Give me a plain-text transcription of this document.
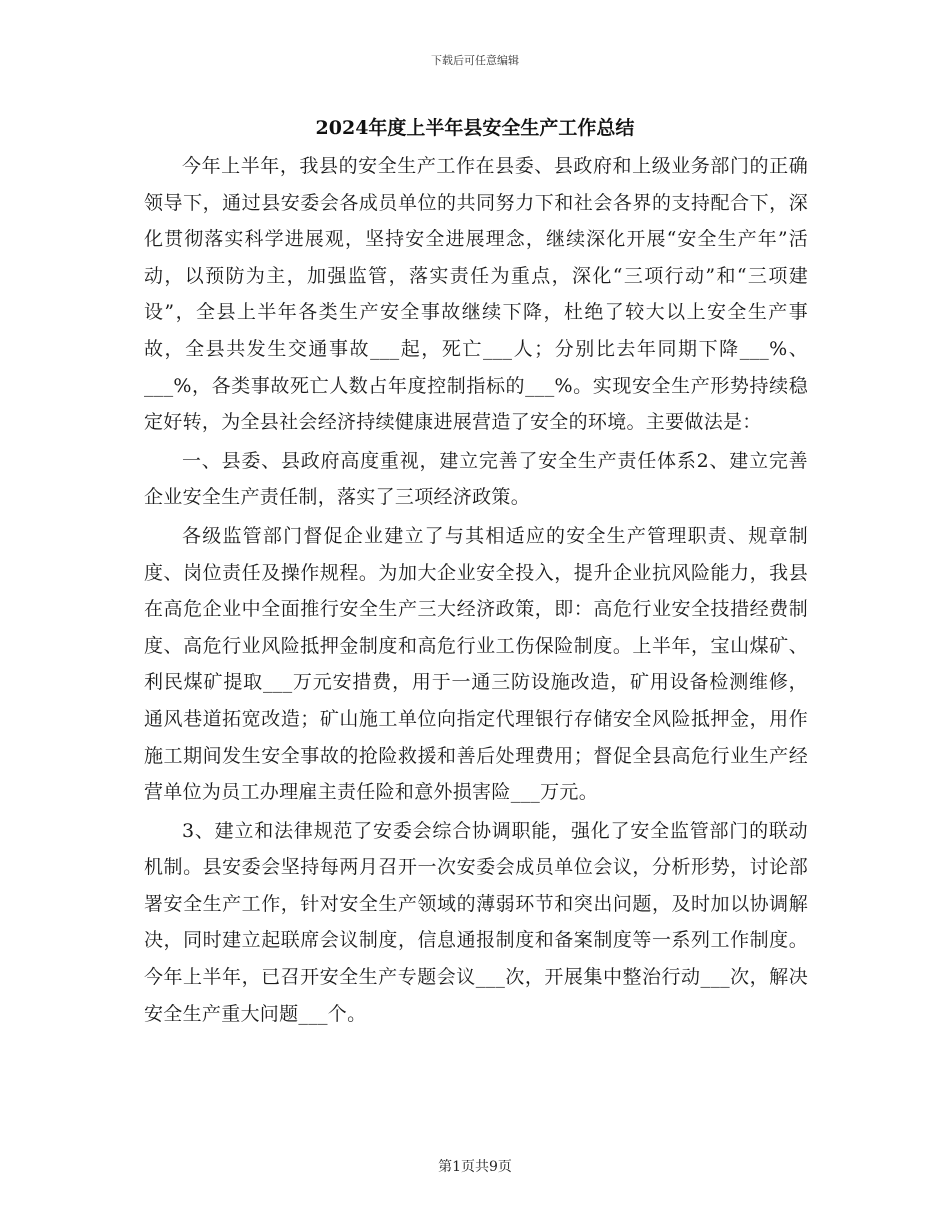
下载后可任意编辑
2024年度上半年县安全生产工作总结

今年上半年，我县的安全生产工作在县委、县政府和上级业务部门的正确领导下，通过县安委会各成员单位的共同努力下和社会各界的支持配合下，深化贯彻落实科学进展观，坚持安全进展理念，继续深化开展“安全生产年”活动，以预防为主，加强监管，落实责任为重点，深化“三项行动”和“三项建设”，全县上半年各类生产安全事故继续下降，杜绝了较大以上安全生产事故，全县共发生交通事故___起，死亡___人；分别比去年同期下降___%、___%，各类事故死亡人数占年度控制指标的___%。实现安全生产形势持续稳定好转，为全县社会经济持续健康进展营造了安全的环境。主要做法是：

一、县委、县政府高度重视，建立完善了安全生产责任体系2、建立完善企业安全生产责任制，落实了三项经济政策。

各级监管部门督促企业建立了与其相适应的安全生产管理职责、规章制度、岗位责任及操作规程。为加大企业安全投入，提升企业抗风险能力，我县在高危企业中全面推行安全生产三大经济政策，即：高危行业安全技措经费制度、高危行业风险抵押金制度和高危行业工伤保险制度。上半年，宝山煤矿、利民煤矿提取___万元安措费，用于一通三防设施改造，矿用设备检测维修，通风巷道拓宽改造；矿山施工单位向指定代理银行存储安全风险抵押金，用作施工期间发生安全事故的抢险救援和善后处理费用；督促全县高危行业生产经营单位为员工办理雇主责任险和意外损害险___万元。

3、建立和法律规范了安委会综合协调职能，强化了安全监管部门的联动机制。县安委会坚持每两月召开一次安委会成员单位会议，分析形势，讨论部署安全生产工作，针对安全生产领域的薄弱环节和突出问题，及时加以协调解决，同时建立起联席会议制度，信息通报制度和备案制度等一系列工作制度。今年上半年，已召开安全生产专题会议___次，开展集中整治行动___次，解决安全生产重大问题___个。

第1页共9页
